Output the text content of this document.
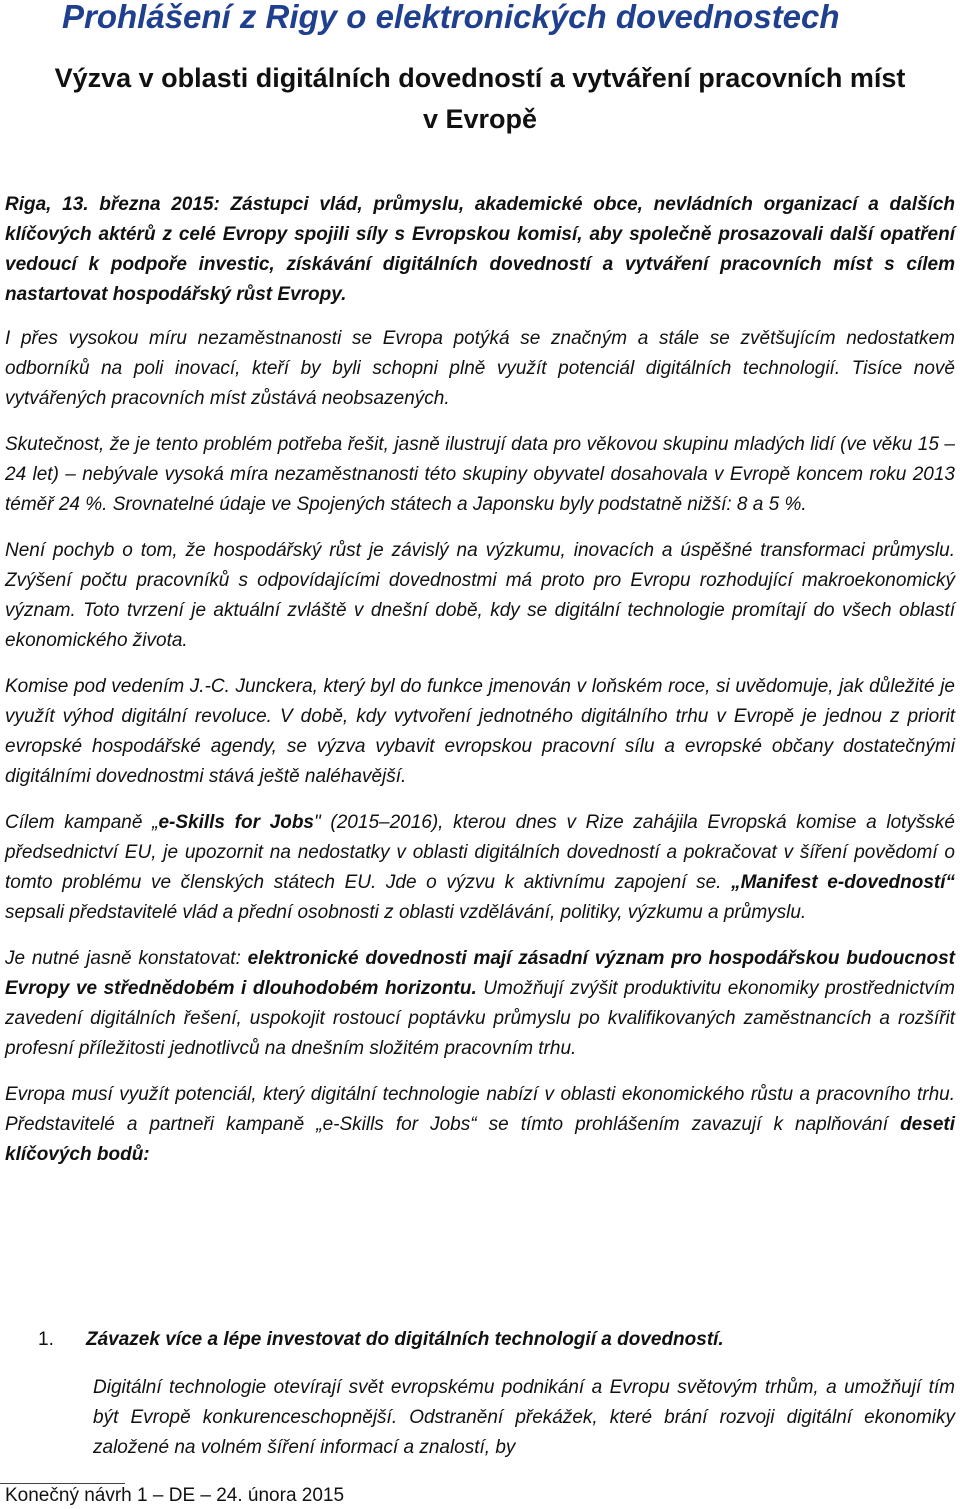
Prohlášení z Rigy o elektronických dovednostech
Výzva v oblasti digitálních dovedností a vytváření pracovních míst
v Evropě

Riga, 13. března 2015: Zástupci vlád, průmyslu, akademické obce, nevládních organizací a dalších klíčových aktérů z celé Evropy spojili síly s Evropskou komisí, aby společně prosazovali další opatření vedoucí k podpoře investic, získávání digitálních dovedností a vytváření pracovních míst s cílem nastartovat hospodářský růst Evropy.

I přes vysokou míru nezaměstnanosti se Evropa potýká se značným a stále se zvětšujícím nedostatkem odborníků na poli inovací, kteří by byli schopni plně využít potenciál digitálních technologií. Tisíce nově vytvářených pracovních míst zůstává neobsazených.

Skutečnost, že je tento problém potřeba řešit, jasně ilustrují data pro věkovou skupinu mladých lidí (ve věku 15 – 24 let) – nebývale vysoká míra nezaměstnanosti této skupiny obyvatel dosahovala v Evropě koncem roku 2013 téměř 24 %. Srovnatelné údaje ve Spojených státech a Japonsku byly podstatně nižší: 8 a 5 %.

Není pochyb o tom, že hospodářský růst je závislý na výzkumu, inovacích a úspěšné transformaci průmyslu. Zvýšení počtu pracovníků s odpovídajícími dovednostmi má proto pro Evropu rozhodující makroekonomický význam. Toto tvrzení je aktuální zvláště v dnešní době, kdy se digitální technologie promítají do všech oblastí ekonomického života.

Komise pod vedením J.-C. Junckera, který byl do funkce jmenován v loňském roce, si uvědomuje, jak důležité je využít výhod digitální revoluce. V době, kdy vytvoření jednotného digitálního trhu v Evropě je jednou z priorit evropské hospodářské agendy, se výzva vybavit evropskou pracovní sílu a evropské občany dostatečnými digitálními dovednostmi stává ještě naléhavější.

Cílem kampaně „e-Skills for Jobs" (2015–2016), kterou dnes v Rize zahájila Evropská komise a lotyšské předsednictví EU, je upozornit na nedostatky v oblasti digitálních dovedností a pokračovat v šíření povědomí o tomto problému ve členských státech EU. Jde o výzvu k aktivnímu zapojení se. „Manifest e-dovedností“ sepsali představitelé vlád a přední osobnosti z oblasti vzdělávání, politiky, výzkumu a průmyslu.

Je nutné jasně konstatovat: elektronické dovednosti mají zásadní význam pro hospodářskou budoucnost Evropy ve střednědobém i dlouhodobém horizontu. Umožňují zvýšit produktivitu ekonomiky prostřednictvím zavedení digitálních řešení, uspokojit rostoucí poptávku průmyslu po kvalifikovaných zaměstnancích a rozšířit profesní příležitosti jednotlivců na dnešním složitém pracovním trhu.

Evropa musí využít potenciál, který digitální technologie nabízí v oblasti ekonomického růstu a pracovního trhu. Představitelé a partneři kampaně „e-Skills for Jobs“ se tímto prohlášením zavazují k naplňování deseti klíčových bodů:

1.	Závazek více a lépe investovat do digitálních technologií a dovedností.

Digitální technologie otevírají svět evropskému podnikání a Evropu světovým trhům, a umožňují tím být Evropě konkurenceschopnější. Odstranění překážek, které brání rozvoji digitální ekonomiky založené na volném šíření informací a znalostí, by

Konečný návrh 1 – DE – 24. února 2015
